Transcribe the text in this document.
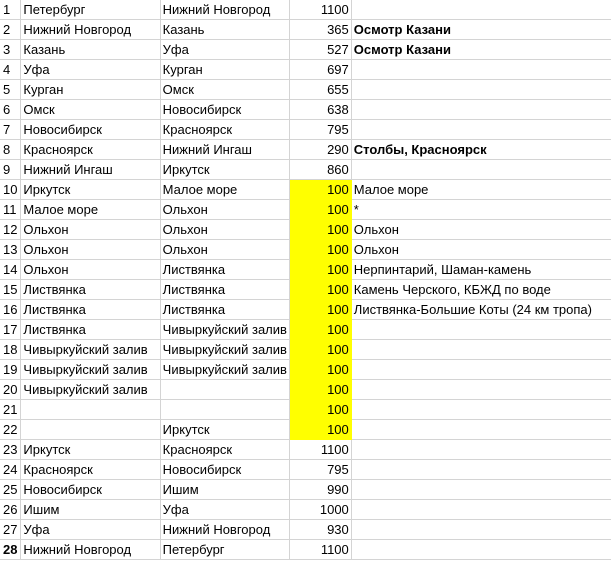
1	Петербург	Нижний Новгород	1100	
2	Нижний Новгород	Казань	365	Осмотр Казани
3	Казань	Уфа	527	Осмотр Казани
4	Уфа	Курган	697	
5	Курган	Омск	655	
6	Омск	Новосибирск	638	
7	Новосибирск	Красноярск	795	
8	Красноярск	Нижний Ингаш	290	Столбы, Красноярск
9	Нижний Ингаш	Иркутск	860	
10	Иркутск	Малое море	100	Малое море
11	Малое море	Ольхон	100	*
12	Ольхон	Ольхон	100	Ольхон
13	Ольхон	Ольхон	100	Ольхон
14	Ольхон	Листвянка	100	Нерпинтарий, Шаман-камень
15	Листвянка	Листвянка	100	Камень Черского, КБЖД по воде
16	Листвянка	Листвянка	100	Листвянка-Большие Коты (24 км тропа)
17	Листвянка	Чивыркуйский залив	100	
18	Чивыркуйский залив	Чивыркуйский залив	100	
19	Чивыркуйский залив	Чивыркуйский залив	100	
20	Чивыркуйский залив		100	
21			100	
22		Иркутск	100	
23	Иркутск	Красноярск	1100	
24	Красноярск	Новосибирск	795	
25	Новосибирск	Ишим	990	
26	Ишим	Уфа	1000	
27	Уфа	Нижний Новгород	930	
28	Нижний Новгород	Петербург	1100	
